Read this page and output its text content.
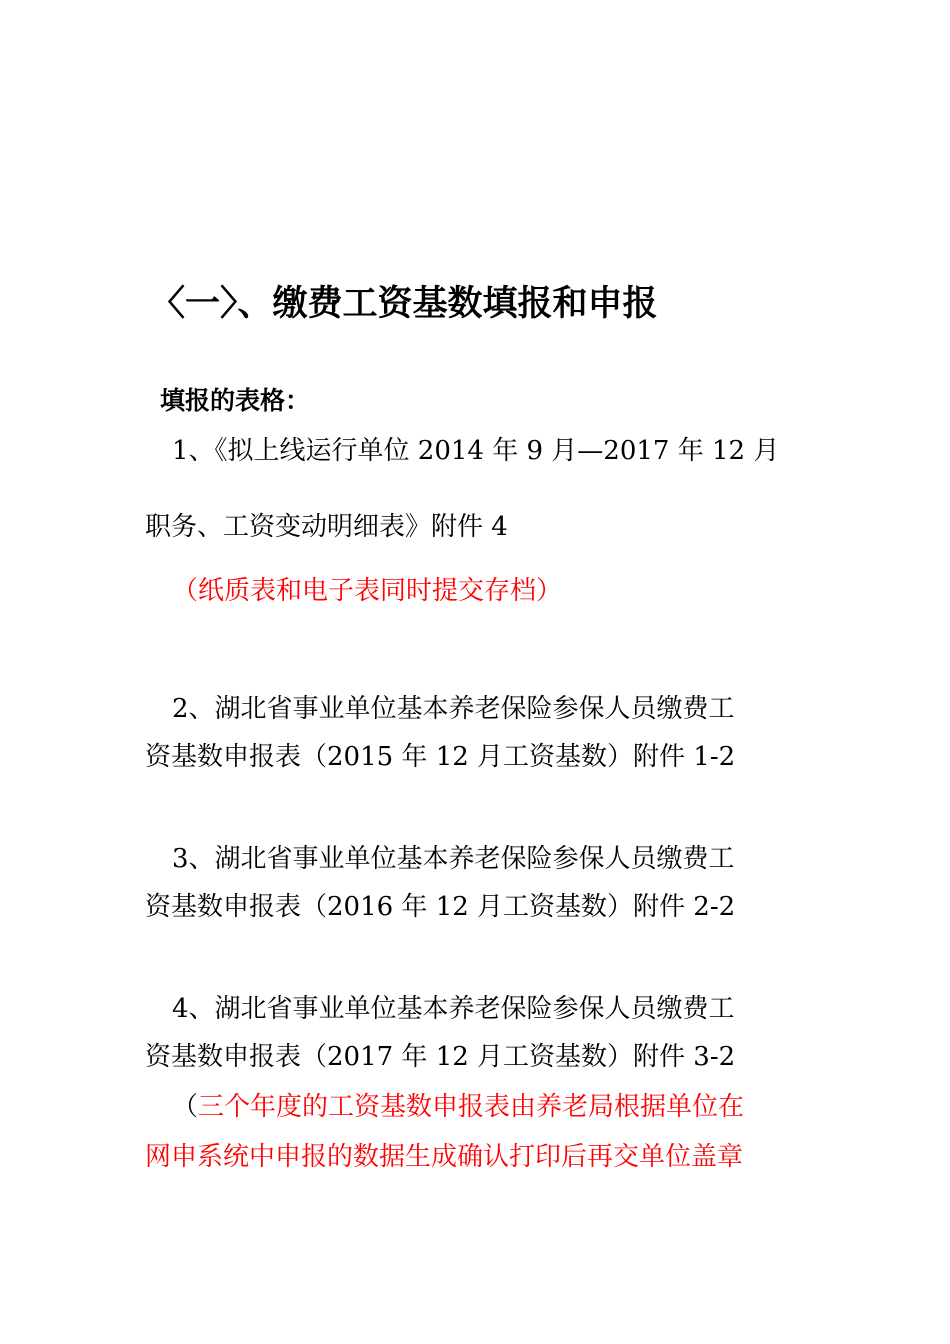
〈一〉、缴费工资基数填报和申报
填报的表格：
1、《拟上线运行单位 2014 年 9 月—2017 年 12 月
职务、工资变动明细表》附件 4
（纸质表和电子表同时提交存档）
2、湖北省事业单位基本养老保险参保人员缴费工
资基数申报表（2015 年 12 月工资基数）附件 1-2
3、湖北省事业单位基本养老保险参保人员缴费工
资基数申报表（2016 年 12 月工资基数）附件 2-2
4、湖北省事业单位基本养老保险参保人员缴费工
资基数申报表（2017 年 12 月工资基数）附件 3-2
（三个年度的工资基数申报表由养老局根据单位在
网申系统中申报的数据生成确认打印后再交单位盖章
